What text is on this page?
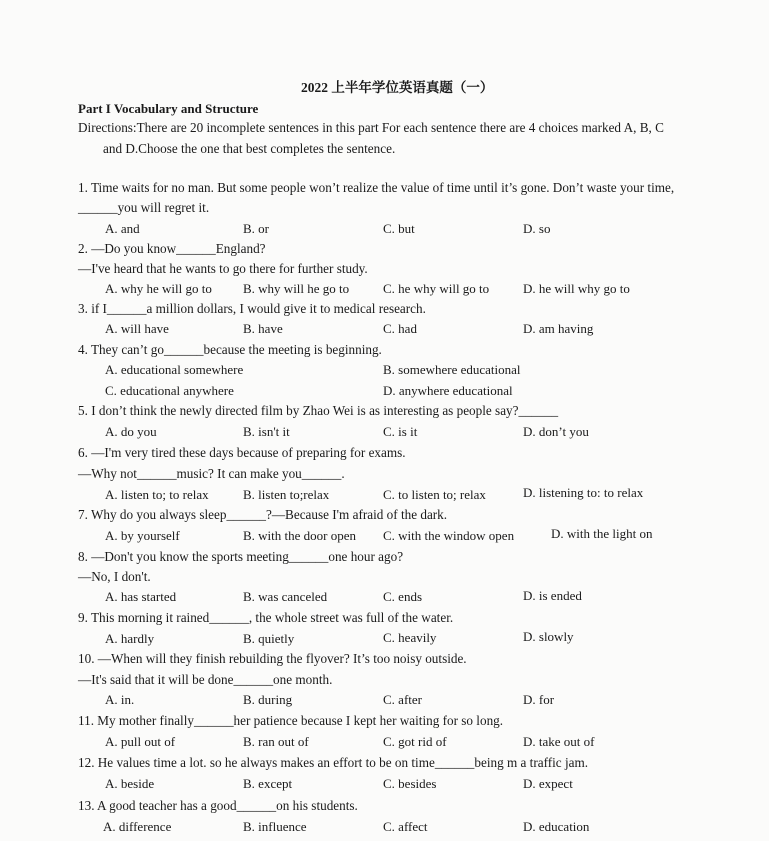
2022 上半年学位英语真题（一）
Part I Vocabulary and Structure
Directions:There are 20 incomplete sentences in this part For each sentence there are 4 choices marked A, B, C
and D.Choose the one that best completes the sentence.
1. Time waits for no man. But some people won’t realize the value of time until it’s gone. Don’t waste your time,
______you will regret it.
A. and	B. or	C. but	D. so
2. —Do you know______England?
—I've heard that he wants to go there for further study.
A. why he will go to B. why will he go to	C. he why will go to	D. he will why go to
3. if I______a million dollars, I would give it to medical research.
A. will have	B. have	C. had	D. am having
4. They can’t go______because the meeting is beginning.
A. educational somewhere	B. somewhere educational
C. educational anywhere	D. anywhere educational
5. I don’t think the newly directed film by Zhao Wei is as interesting as people say?______
A. do you	B. isn't it	C. is it	D. don’t you
6. —I'm very tired these days because of preparing for exams.
—Why not______music? It can make you______.
A. listen to; to relax	B. listen to;relax	C. to listen to; relax	D. listening to: to relax
7. Why do you always sleep______?—Because I'm afraid of the dark.
A. by yourself	B. with the door open C. with the window open	D. with the light on
8. —Don't you know the sports meeting______one hour ago?
—No, I don't.
A. has started	B. was canceled	C. ends	D. is ended
9. This morning it rained______, the whole street was full of the water.
A. hardly	B. quietly	C. heavily	D. slowly
10. —When will they finish rebuilding the flyover? It’s too noisy outside.
—It's said that it will be done______one month.
A. in.	B. during	C. after	D. for
11. My mother finally______her patience because I kept her waiting for so long.
A. pull out of	B. ran out of	C. got rid of	D. take out of
12. He values time a lot. so he always makes an effort to be on time______being m a traffic jam.
A. beside	B. except	C. besides	D. expect
13. A good teacher has a good______on his students.
A. difference	B. influence	C. affect	D. education
